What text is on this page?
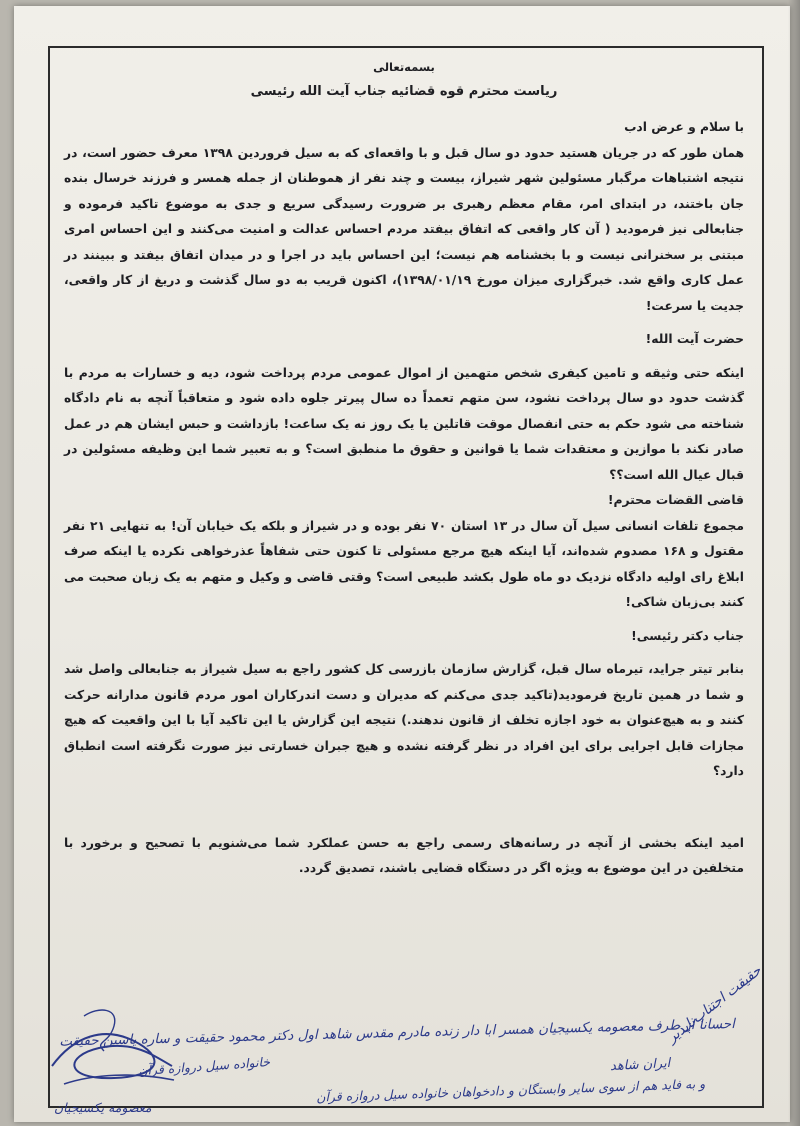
بسمه‌تعالی

ریاست محترم قوه قضائیه جناب آیت الله رئیسی

با سلام و عرض ادب

همان طور که در جریان هستید حدود دو سال قبل و با واقعه‌ای که به سیل فروردین ۱۳۹۸ معرف حضور است، در نتیجه اشتباهات مرگبار مسئولین شهر شیراز، بیست و چند نفر از هموطنان از جمله همسر و فرزند خرسال بنده جان باختند، در ابتدای امر، مقام معظم رهبری بر ضرورت رسیدگی سریع و جدی به موضوع تاکید فرموده و جنابعالی نیز فرمودید ( آن کار واقعی که اتفاق بیفتد مردم احساس عدالت و امنیت می‌کنند و این احساس امری مبتنی بر سخنرانی نیست و با بخشنامه هم نیست؛ این احساس باید در اجرا و در میدان اتفاق بیفتد و ببینند در عمل کاری واقع شد. خبرگزاری میزان مورخ ۱۳۹۸/۰۱/۱۹)، اکنون قریب به دو سال گذشت و دریغ از کار واقعی، جدیت یا سرعت!

حضرت آیت الله!

اینکه حتی وثیقه و تامین کیفری شخص متهمین از اموال عمومی مردم پرداخت شود، دیه و خسارات به مردم با گذشت حدود دو سال پرداخت نشود، سن متهم تعمداً ده سال پیرتر جلوه داده شود و متعاقباً آنچه به نام دادگاه شناخته می شود حکم به حتی انفصال موقت قاتلین یا یک روز نه یک ساعت! بازداشت و حبس ایشان هم در عمل صادر نکند با موازین و معتقدات شما یا قوانین و حقوق ما منطبق است؟ و به تعبیر شما این وظیفه مسئولین در قبال عیال الله است؟؟

قاضی القضات محترم!

مجموع تلفات انسانی سیل آن سال در ۱۳ استان ۷۰ نفر بوده و در شیراز و بلکه یک خیابان آن! به تنهایی ۲۱ نفر مقتول و ۱۶۸ مصدوم شده‌اند، آیا اینکه هیچ مرجع مسئولی تا کنون حتی شفاهاً عذرخواهی نکرده یا اینکه صرف ابلاغ رای اولیه دادگاه نزدیک دو ماه طول بکشد طبیعی است؟ وقتی قاضی و وکیل و متهم به یک زبان صحبت می کنند بی‌زبان شاکی!

جناب دکتر رئیسی!

بنابر تیتر جراید، تیرماه سال قبل، گزارش سازمان بازرسی کل کشور راجع به سیل شیراز به جنابعالی واصل شد و شما در همین تاریخ فرمودید(تاکید جدی می‌کنم که مدیران و دست اندرکاران امور مردم قانون مدارانه حرکت کنند و به هیچ‌عنوان به خود اجازه تخلف از قانون ندهند.) نتیجه این گزارش یا این تاکید آیا با این واقعیت که هیچ مجازات قابل اجرایی برای این افراد در نظر گرفته نشده و هیچ جبران خسارتی نیز صورت نگرفته است انطباق دارد؟

امید اینکه بخشی از آنچه در رسانه‌های رسمی راجع به حسن عملکرد شما می‌شنویم با تصحیح و برخورد با متخلفین در این موضوع به ویژه اگر در دستگاه قضایی باشند، تصدیق گردد.

حقیقت اجتناب‌ناپذیر
احسانا از طرف معصومه یکسیجیان همسر ابا دار زنده مادرم مقدس شاهد اول دکتر محمود حقیقت و ساره یاسین حقیقت
خانواده سیل دروازه قرآن	ایران شاهد
و به فاید هم از سوی سایر وابستگان و دادخواهان خانواده سیل دروازه قرآن
معصومه یکسیجیان
